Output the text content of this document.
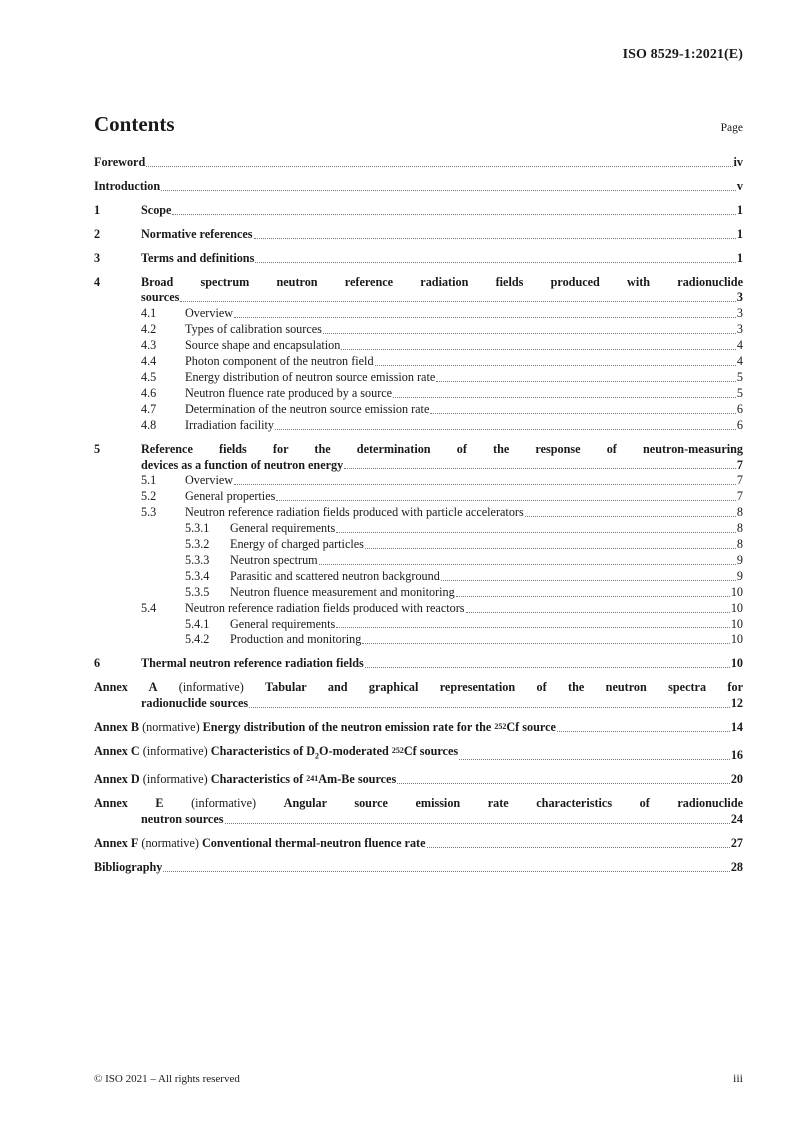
ISO 8529-1:2021(E)
Contents	Page
Foreword	iv
Introduction	v
1	Scope	1
2	Normative references	1
3	Terms and definitions	1
4	Broad spectrum neutron reference radiation fields produced with radionuclide
sources	3
4.1	Overview	3
4.2	Types of calibration sources	3
4.3	Source shape and encapsulation	4
4.4	Photon component of the neutron field	4
4.5	Energy distribution of neutron source emission rate	5
4.6	Neutron fluence rate produced by a source	5
4.7	Determination of the neutron source emission rate	6
4.8	Irradiation facility	6
5	Reference fields for the determination of the response of neutron-measuring
devices as a function of neutron energy	7
5.1	Overview	7
5.2	General properties	7
5.3	Neutron reference radiation fields produced with particle accelerators	8
5.3.1	General requirements	8
5.3.2	Energy of charged particles	8
5.3.3	Neutron spectrum	9
5.3.4	Parasitic and scattered neutron background	9
5.3.5	Neutron fluence measurement and monitoring	10
5.4	Neutron reference radiation fields produced with reactors	10
5.4.1	General requirements	10
5.4.2	Production and monitoring	10
6	Thermal neutron reference radiation fields	10
Annex A (informative) Tabular and graphical representation of the neutron spectra for
radionuclide sources	12
Annex B (normative) Energy distribution of the neutron emission rate for the $^{252}$Cf source	14
Annex C (informative) Characteristics of $D_2O$-moderated $^{252}$Cf sources	16
Annex D (informative) Characteristics of $^{241}$Am-Be sources	20
Annex E (informative) Angular source emission rate characteristics of radionuclide
neutron sources	24
Annex F (normative) Conventional thermal-neutron fluence rate	27
Bibliography	28
© ISO 2021 – All rights reserved	iii
